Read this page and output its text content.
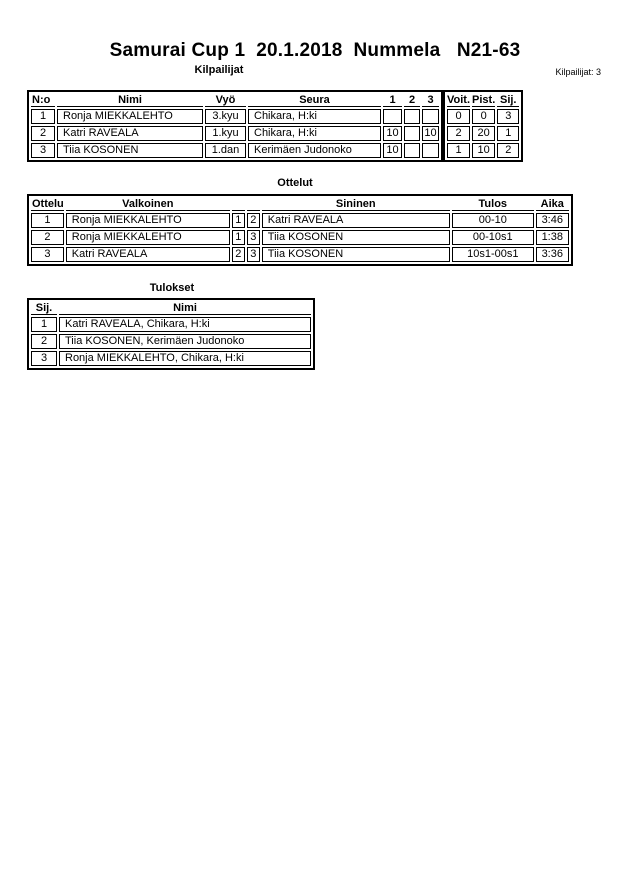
Samurai Cup 1  20.1.2018  Nummela   N21-63
Kilpailijat	Kilpailijat: 3
N:o	Nimi	Vyö	Seura	1	2	3
1	Ronja MIEKKALEHTO	3.kyu	Chikara, H:ki			
2	Katri RAVEALA	1.kyu	Chikara, H:ki	10		10
3	Tiia KOSONEN	1.dan	Kerimäen Judonoko	10		
Voit.	Pist.	Sij.
0	0	3
2	20	1
1	10	2
Ottelut
Ottelu	Valkoinen			Sininen	Tulos	Aika
1	Ronja MIEKKALEHTO	1	2	Katri RAVEALA	00-10	3:46
2	Ronja MIEKKALEHTO	1	3	Tiia KOSONEN	00-10s1	1:38
3	Katri RAVEALA	2	3	Tiia KOSONEN	10s1-00s1	3:36
Tulokset
Sij.	Nimi
1	Katri RAVEALA, Chikara, H:ki
2	Tiia KOSONEN, Kerimäen Judonoko
3	Ronja MIEKKALEHTO, Chikara, H:ki
